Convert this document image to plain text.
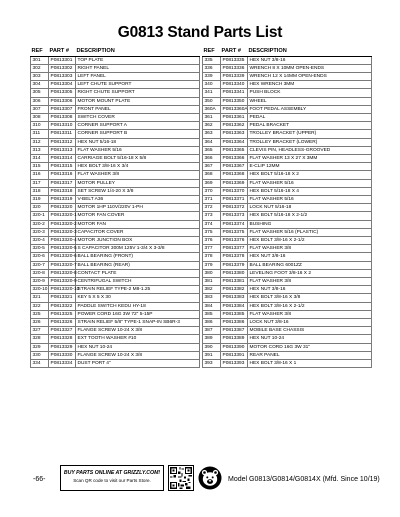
G0813 Stand Parts List
REF	PART #	DESCRIPTION
301	P0813301	TOP PLATE
302	P0813302	RIGHT PANEL
303	P0813303	LEFT PANEL
304	P0813304	LEFT CHUTE SUPPORT
305	P0813305	RIGHT CHUTE SUPPORT
306	P0813306	MOTOR MOUNT PLATE
307	P0813307	FRONT PANEL
308	P0813308	SWITCH COVER
310	P0813310	CORNER SUPPORT A
311	P0813311	CORNER SUPPORT B
312	P0813312	HEX NUT 5/16-18
313	P0813313	FLAT WASHER 5/16
314	P0813314	CARRIAGE BOLT 5/16-18 X 5/8
315	P0813315	HEX BOLT 3/8-16 X 3/4
316	P0813316	FLAT WASHER 3/8
317	P0813317	MOTOR PULLEY
318	P0813318	SET SCREW 1/4-20 X 3/8
319	P0813319	V-BELT A36
320	P0813320	MOTOR 1HP 110V/220V 1-PH
320-1	P0813320-1	MOTOR FAN COVER
320-2	P0813320-2	MOTOR FAN
320-3	P0813320-3	CAPACITOR COVER
320-4	P0813320-4	MOTOR JUNCTION BOX
320-5	P0813320-5	S CAPACITOR 300M 125V 1-3/4 X 3-3/8
320-6	P0813320-6	BALL BEARING (FRONT)
320-7	P0813320-7	BALL BEARING (REAR)
320-8	P0813320-8	CONTACT PLATE
320-9	P0813320-9	CENTRIFUGAL SWITCH
320-10	P0813320-10	STRAIN RELIEF TYPE-2 M8-1.25
321	P0813321	KEY 5 X 5 X 30
322	P0813322	PADDLE SWITCH KEDU HY-18
325	P0813325	POWER CORD 16G 3W 72" 5-15P
326	P0813326	STRAIN RELIEF 5/8" TYPE-1 SNAP-IN SB6R-3
327	P0813327	FLANGE SCREW 10-24 X 3/8
328	P0813328	EXT TOOTH WASHER #10
329	P0813329	HEX NUT 10-24
330	P0813330	FLANGE SCREW 10-24 X 3/8
334	P0813334	DUST PORT 4"
REF	PART #	DESCRIPTION
335	P0813335	HEX NUT 3/8-16
336	P0813336	WRENCH 8 X 10MM OPEN-ENDS
339	P0813339	WRENCH 12 X 14MM OPEN-ENDS
340	P0813340	HEX WRENCH 3MM
341	P0813341	PUSH BLOCK
350	P0813350	WHEEL
360A	P0813360A	FOOT PEDAL ASSEMBLY
361	P0813361	PEDAL
362	P0813362	PEDAL BRACKET
363	P0813363	TROLLEY BRACKET (UPPER)
364	P0813364	TROLLEY BRACKET (LOWER)
365	P0813365	CLEVIS PIN, HEADLESS-GROOVED
366	P0813366	FLAT WASHER 13 X 27 X 3MM
367	P0813367	E-CLIP 12MM
368	P0813368	HEX BOLT 5/16-18 X 2
369	P0813369	FLAT WASHER 5/16
370	P0813370	HEX BOLT 5/16-18 X 4
371	P0813371	FLAT WASHER 5/16
372	P0813372	LOCK NUT 5/16-18
373	P0813373	HEX BOLT 5/16-18 X 2-1/2
374	P0813374	BUSHING
375	P0813375	FLAT WASHER 5/16 (PLASTIC)
376	P0813376	HEX BOLT 3/8-16 X 2-1/2
377	P0813377	FLAT WASHER 3/8
378	P0813378	HEX NUT 3/8-16
379	P0813379	BALL BEARING 6001ZZ
380	P0813380	LEVELING FOOT 3/8-16 X 2
381	P0813381	FLAT WASHER 3/8
382	P0813382	HEX NUT 3/8-16
383	P0813383	HEX BOLT 3/8-16 X 3/8
384	P0813384	HEX BOLT 3/8-16 X 2-1/2
385	P0813385	FLAT WASHER 3/8
386	P0813386	LOCK NUT 3/8-16
387	P0813387	MOBILE BASE CHASSIS
389	P0813389	HEX NUT 10-24
390	P0813390	MOTOR CORD 16G 3W 31"
391	P0813391	REAR PANEL
393	P0813393	HEX BOLT 3/8-16 X 1
-66-
BUY PARTS ONLINE AT GRIZZLY.COM!
Scan QR code to visit our Parts Store.	Model G0813/G0814/G0814X (Mfd. Since 10/19)
